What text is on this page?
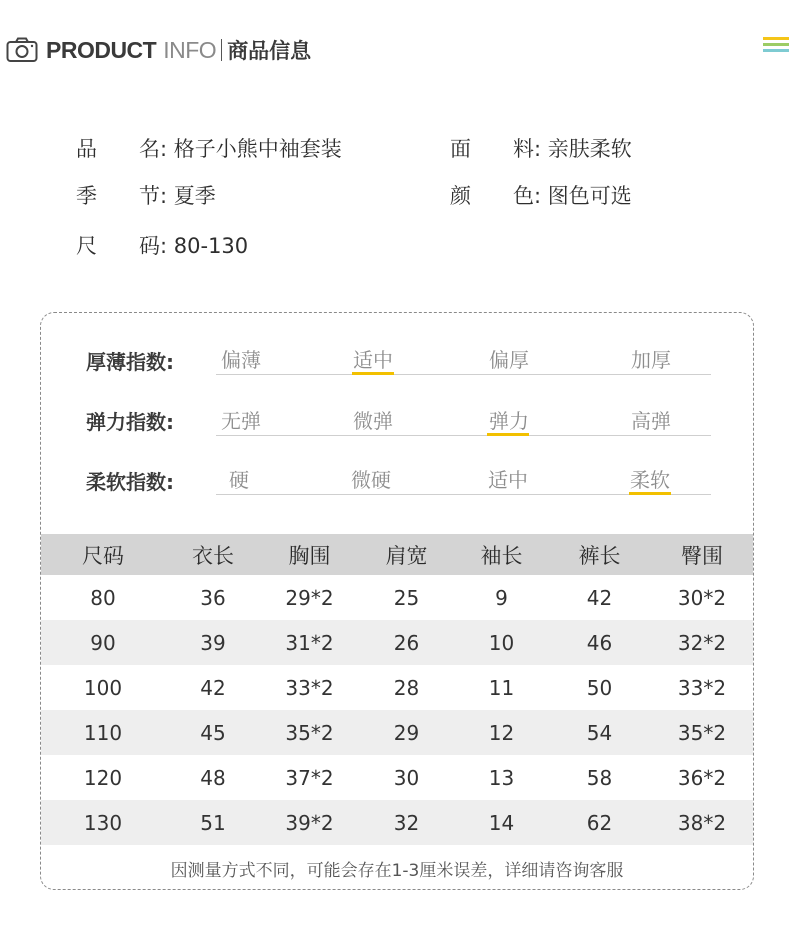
PRODUCT INFO 商品信息
品　　名: 格子小熊中袖套装	面　　料: 亲肤柔软
季　　节: 夏季	颜　　色: 图色可选
尺　　码: 80-130
厚薄指数:	偏薄	适中	偏厚	加厚
弹力指数:	无弹	微弹	弹力	高弹
柔软指数:	硬	微硬	适中	柔软
尺码	衣长	胸围	肩宽	袖长	裤长	臀围
80	36	29*2	25	9	42	30*2
90	39	31*2	26	10	46	32*2
100	42	33*2	28	11	50	33*2
110	45	35*2	29	12	54	35*2
120	48	37*2	30	13	58	36*2
130	51	39*2	32	14	62	38*2
因测量方式不同，可能会存在1-3厘米误差，详细请咨询客服
